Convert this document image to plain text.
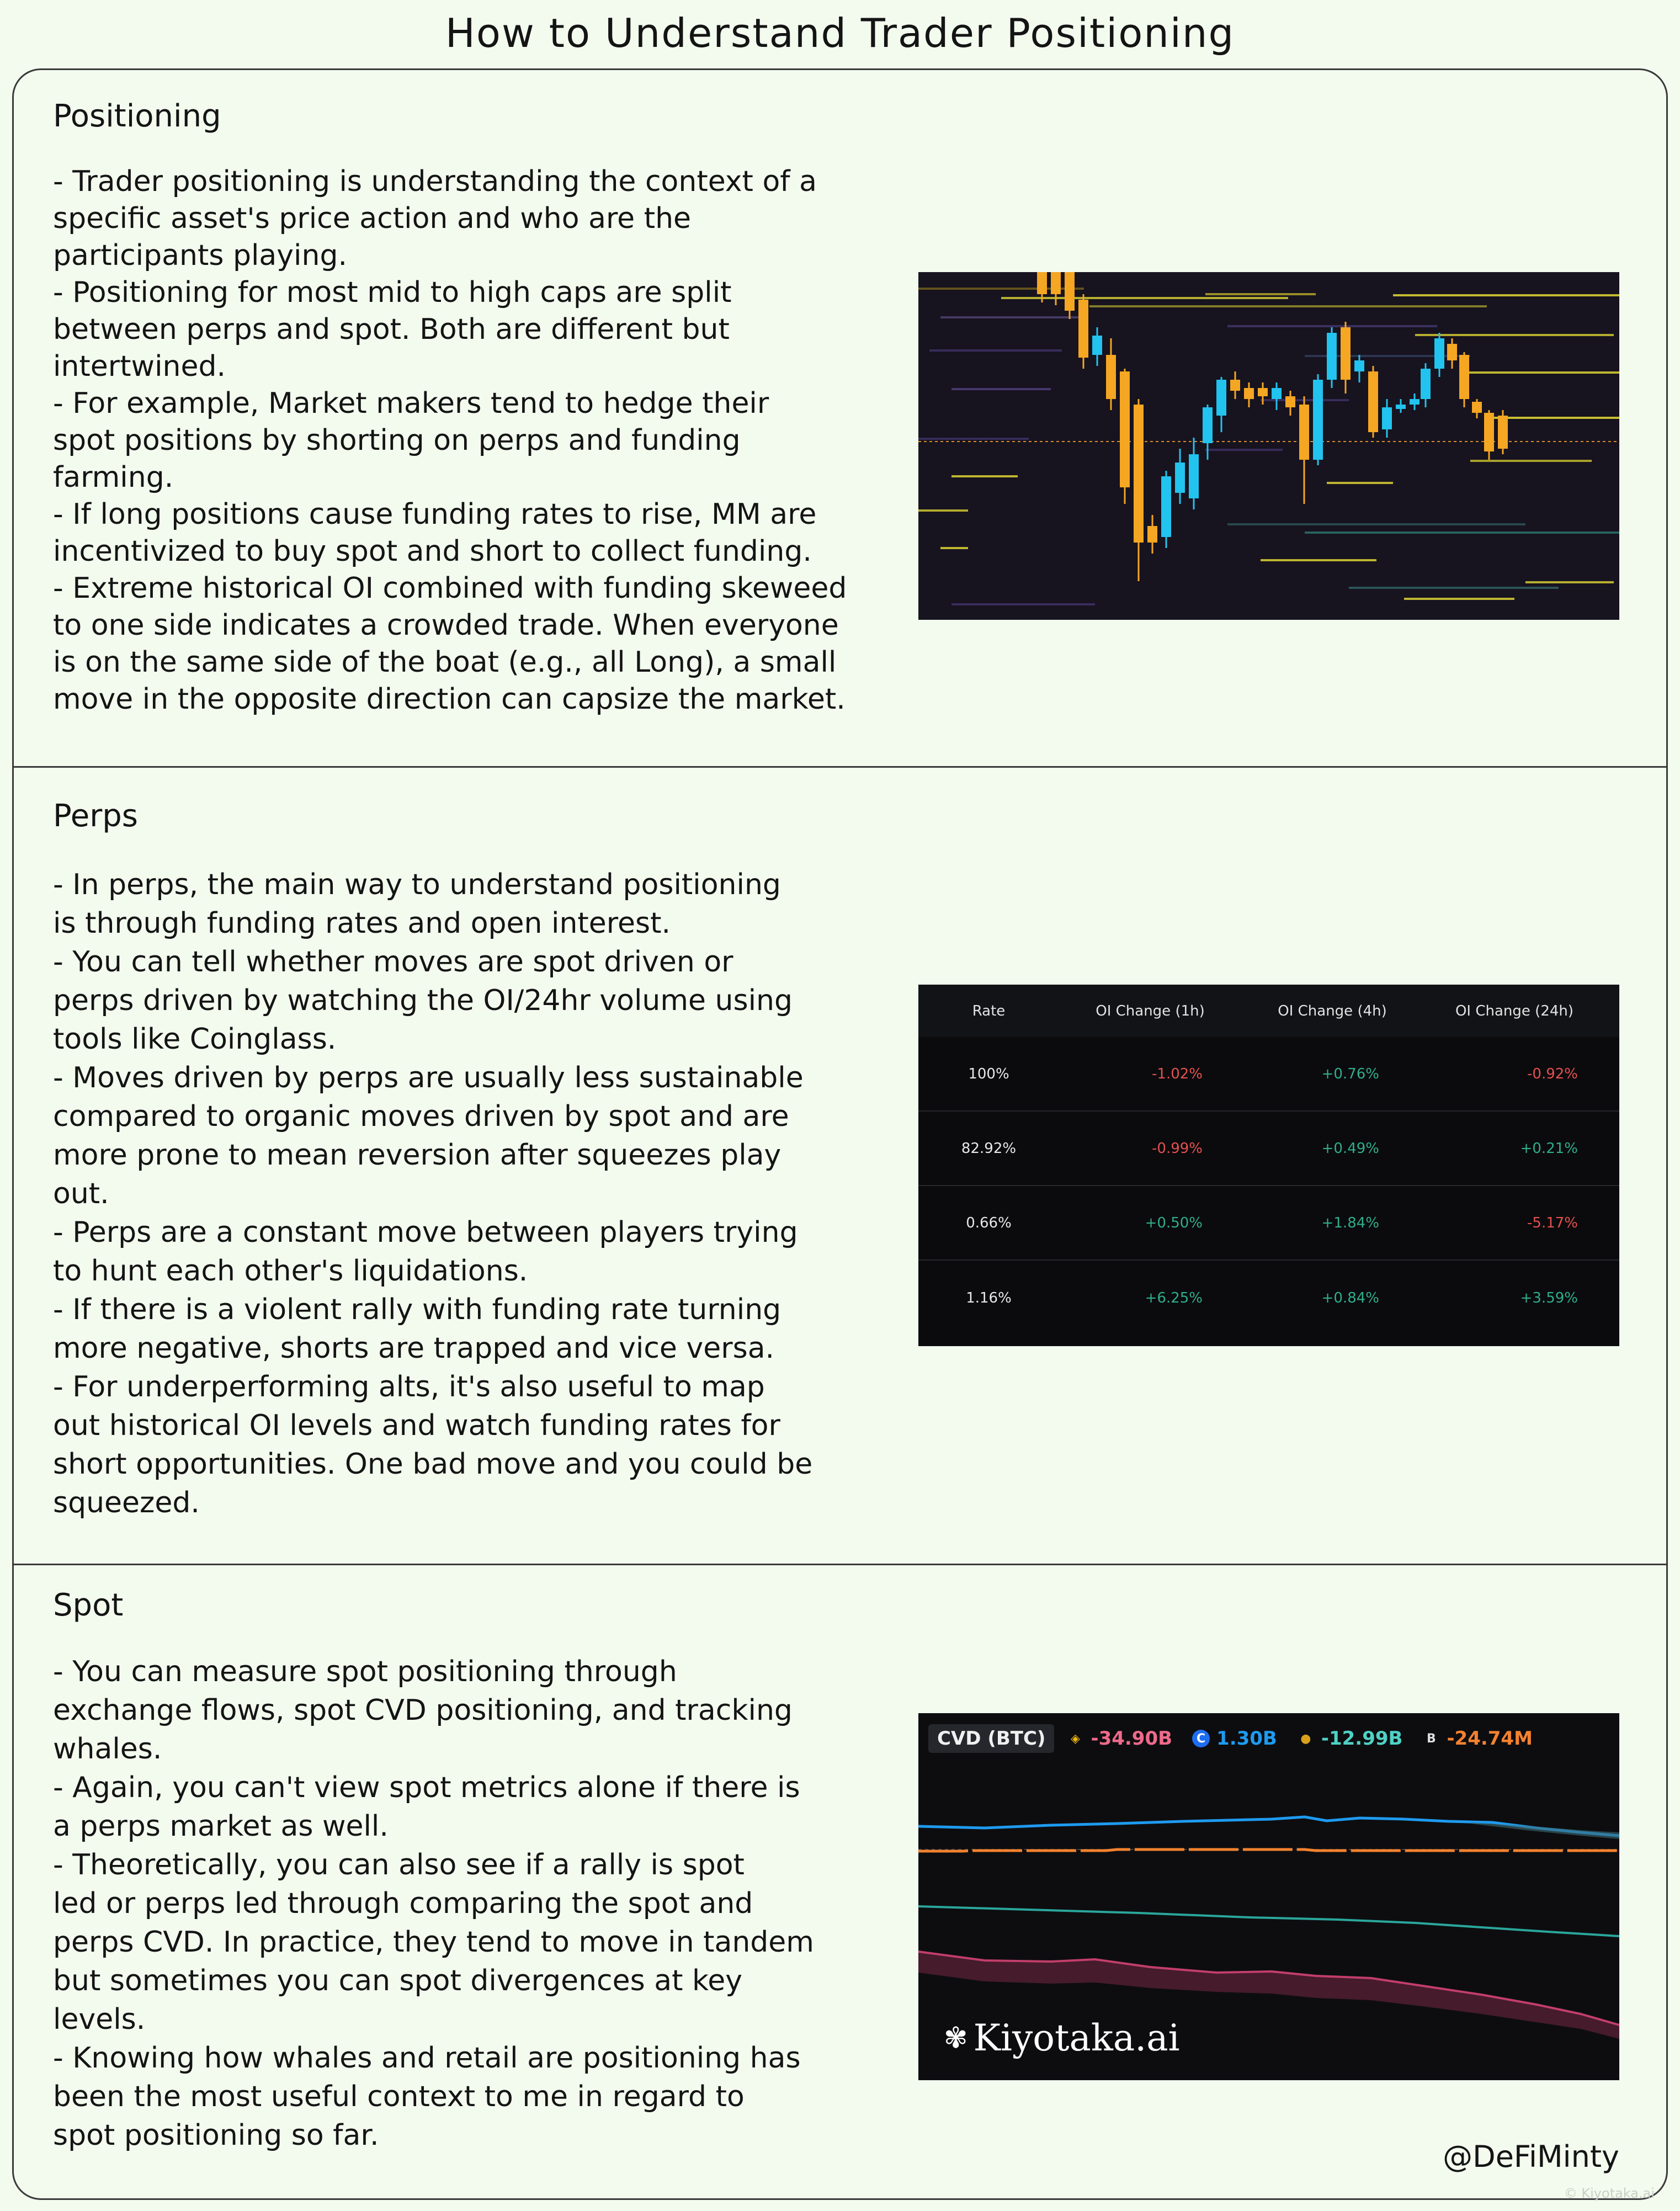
How to Understand Trader Positioning
Positioning
- Trader positioning is understanding the context of a
specific asset's price action and who are the
participants playing.
- Positioning for most mid to high caps are split
between perps and spot. Both are different but
intertwined.
- For example, Market makers tend to hedge their
spot positions by shorting on perps and funding
farming.
- If long positions cause funding rates to rise, MM are
incentivized to buy spot and short to collect funding.
- Extreme historical OI combined with funding skeweed
to one side indicates a crowded trade. When everyone
is on the same side of the boat (e.g., all Long), a small
move in the opposite direction can capsize the market.
Perps
- In perps, the main way to understand positioning
is through funding rates and open interest.
- You can tell whether moves are spot driven or
perps driven by watching the OI/24hr volume using
tools like Coinglass.
- Moves driven by perps are usually less sustainable
compared to organic moves driven by spot and are
more prone to mean reversion after squeezes play
out.
- Perps are a constant move between players trying
to hunt each other's liquidations.
- If there is a violent rally with funding rate turning
more negative, shorts are trapped and vice versa.
- For underperforming alts, it's also useful to map
out historical OI levels and watch funding rates for
short opportunities. One bad move and you could be
squeezed.
Rate	OI Change (1h)	OI Change (4h)	OI Change (24h)
100%	-1.02%	+0.76%	-0.92%
82.92%	-0.99%	+0.49%	+0.21%
0.66%	+0.50%	+1.84%	-5.17%
1.16%	+6.25%	+0.84%	+3.59%
Spot
- You can measure spot positioning through
exchange flows, spot CVD positioning, and tracking
whales.
- Again, you can't view spot metrics alone if there is
a perps market as well.
- Theoretically, you can also see if a rally is spot
led or perps led through comparing the spot and
perps CVD. In practice, they tend to move in tandem
but sometimes you can spot divergences at key
levels.
- Knowing how whales and retail are positioning has
been the most useful context to me in regard to
spot positioning so far.
CVD (BTC)	◈ -34.90B	C 1.30B ● -12.99B	B -24.74M
✾ Kiyotaka.ai
@DeFiMinty
© Kiyotaka.ai
